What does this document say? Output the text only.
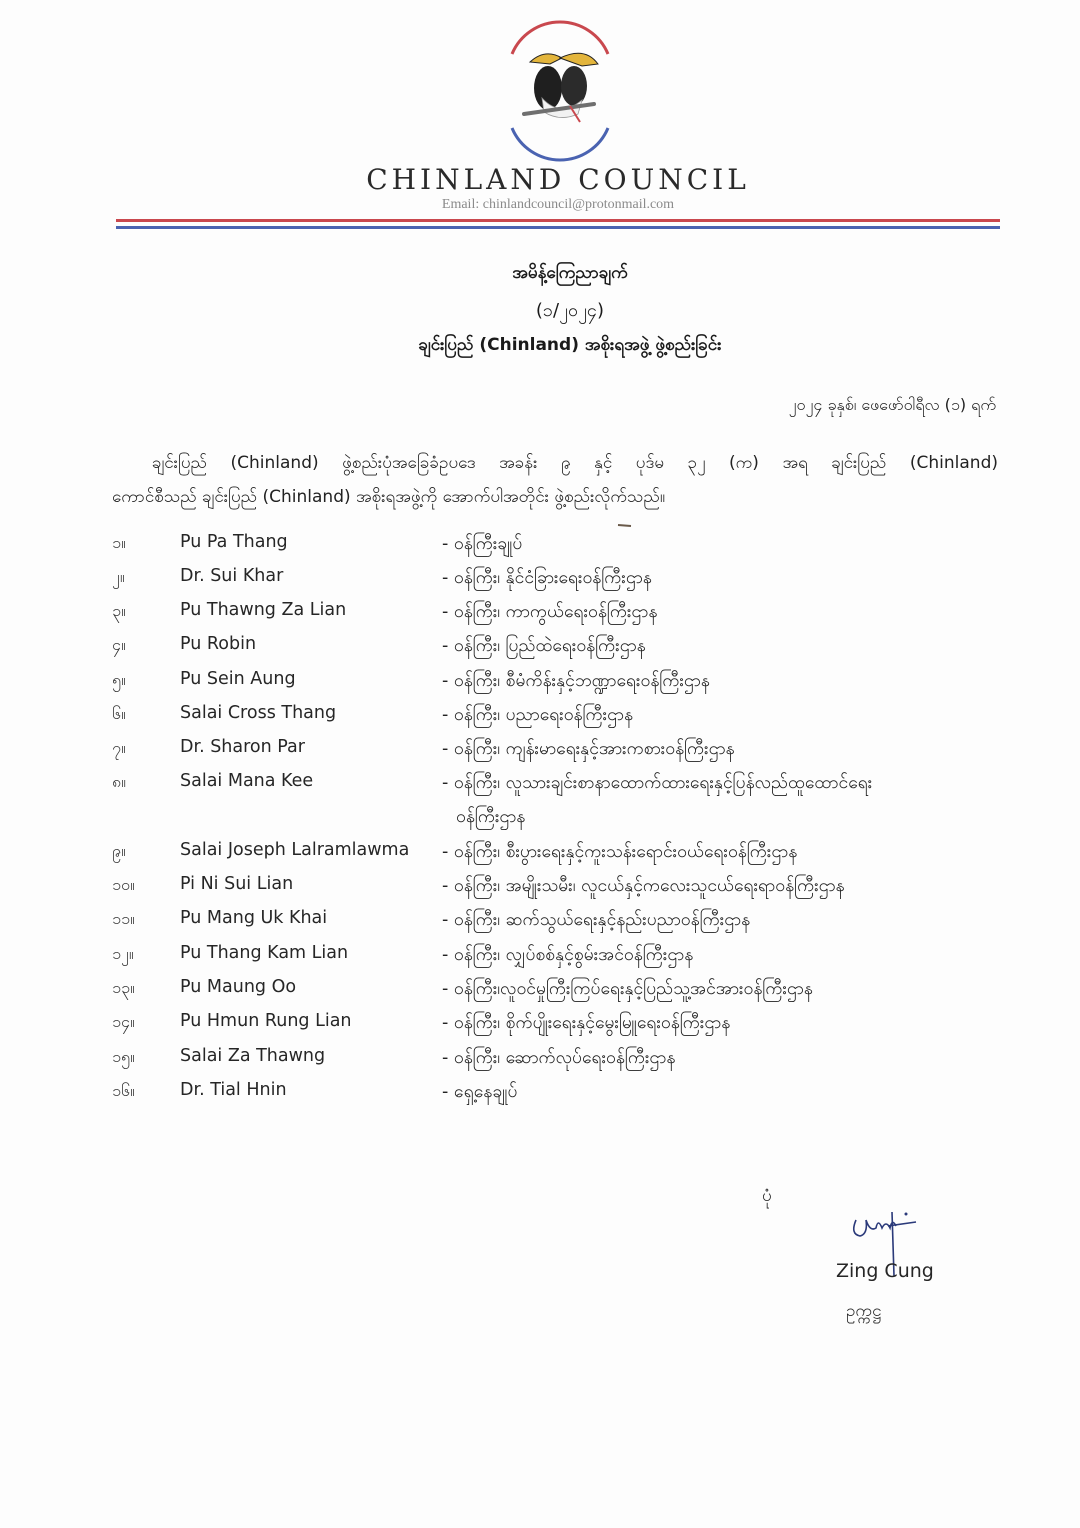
CHINLAND COUNCIL
Email: chinlandcouncil@protonmail.com
အမိန့်ကြေညာချက်
(၁/၂၀၂၄)
ချင်းပြည် (Chinland) အစိုးရအဖွဲ့ ဖွဲ့စည်းခြင်း
၂၀၂၄ ခုနှစ်၊ ဖေဖော်ဝါရီလ (၁) ရက်
ချင်းပြည် (Chinland) ဖွဲ့စည်းပုံအခြေခံဥပဒေ အခန်း ၉ နှင့် ပုဒ်မ ၃၂ (က) အရ ချင်းပြည် (Chinland)
ကောင်စီသည် ချင်းပြည် (Chinland) အစိုးရအဖွဲ့ကို အောက်ပါအတိုင်း ဖွဲ့စည်းလိုက်သည်။
၁။	Pu Pa Thang	- ဝန်ကြီးချုပ်
၂။	Dr. Sui Khar	- ဝန်ကြီး၊ နိုင်ငံခြားရေးဝန်ကြီးဌာန
၃။	Pu Thawng Za Lian	- ဝန်ကြီး၊ ကာကွယ်ရေးဝန်ကြီးဌာန
၄။	Pu Robin	- ဝန်ကြီး၊ ပြည်ထဲရေးဝန်ကြီးဌာန
၅။	Pu Sein Aung	- ဝန်ကြီး၊ စီမံကိန်းနှင့်ဘဏ္ဍာရေးဝန်ကြီးဌာန
၆။	Salai Cross Thang	- ဝန်ကြီး၊ ပညာရေးဝန်ကြီးဌာန
၇။	Dr. Sharon Par	- ဝန်ကြီး၊ ကျန်းမာရေးနှင့်အားကစားဝန်ကြီးဌာန
၈။	Salai Mana Kee	- ဝန်ကြီး၊ လူသားချင်းစာနာထောက်ထားရေးနှင့်ပြန်လည်ထူထောင်ရေး
ဝန်ကြီးဌာန
၉။	Salai Joseph Lalramlawma	- ဝန်ကြီး၊ စီးပွားရေးနှင့်ကူးသန်းရောင်းဝယ်ရေးဝန်ကြီးဌာန
၁၀။	Pi Ni Sui Lian	- ဝန်ကြီး၊ အမျိုးသမီး၊ လူငယ်နှင့်ကလေးသူငယ်ရေးရာဝန်ကြီးဌာန
၁၁။	Pu Mang Uk Khai	- ဝန်ကြီး၊ ဆက်သွယ်ရေးနှင့်နည်းပညာဝန်ကြီးဌာန
၁၂။	Pu Thang Kam Lian	- ဝန်ကြီး၊ လျှပ်စစ်နှင့်စွမ်းအင်ဝန်ကြီးဌာန
၁၃။	Pu Maung Oo	- ဝန်ကြီး၊လူဝင်မှုကြီးကြပ်ရေးနှင့်ပြည်သူ့အင်အားဝန်ကြီးဌာန
၁၄။	Pu Hmun Rung Lian	- ဝန်ကြီး၊ စိုက်ပျိုးရေးနှင့်မွေးမြူရေးဝန်ကြီးဌာန
၁၅။	Salai Za Thawng	- ဝန်ကြီး၊ ဆောက်လုပ်ရေးဝန်ကြီးဌာန
၁၆။	Dr. Tial Hnin	- ရှေ့နေချုပ်
ပုံ
Zing Cung
ဥက္ကဋ္ဌ
